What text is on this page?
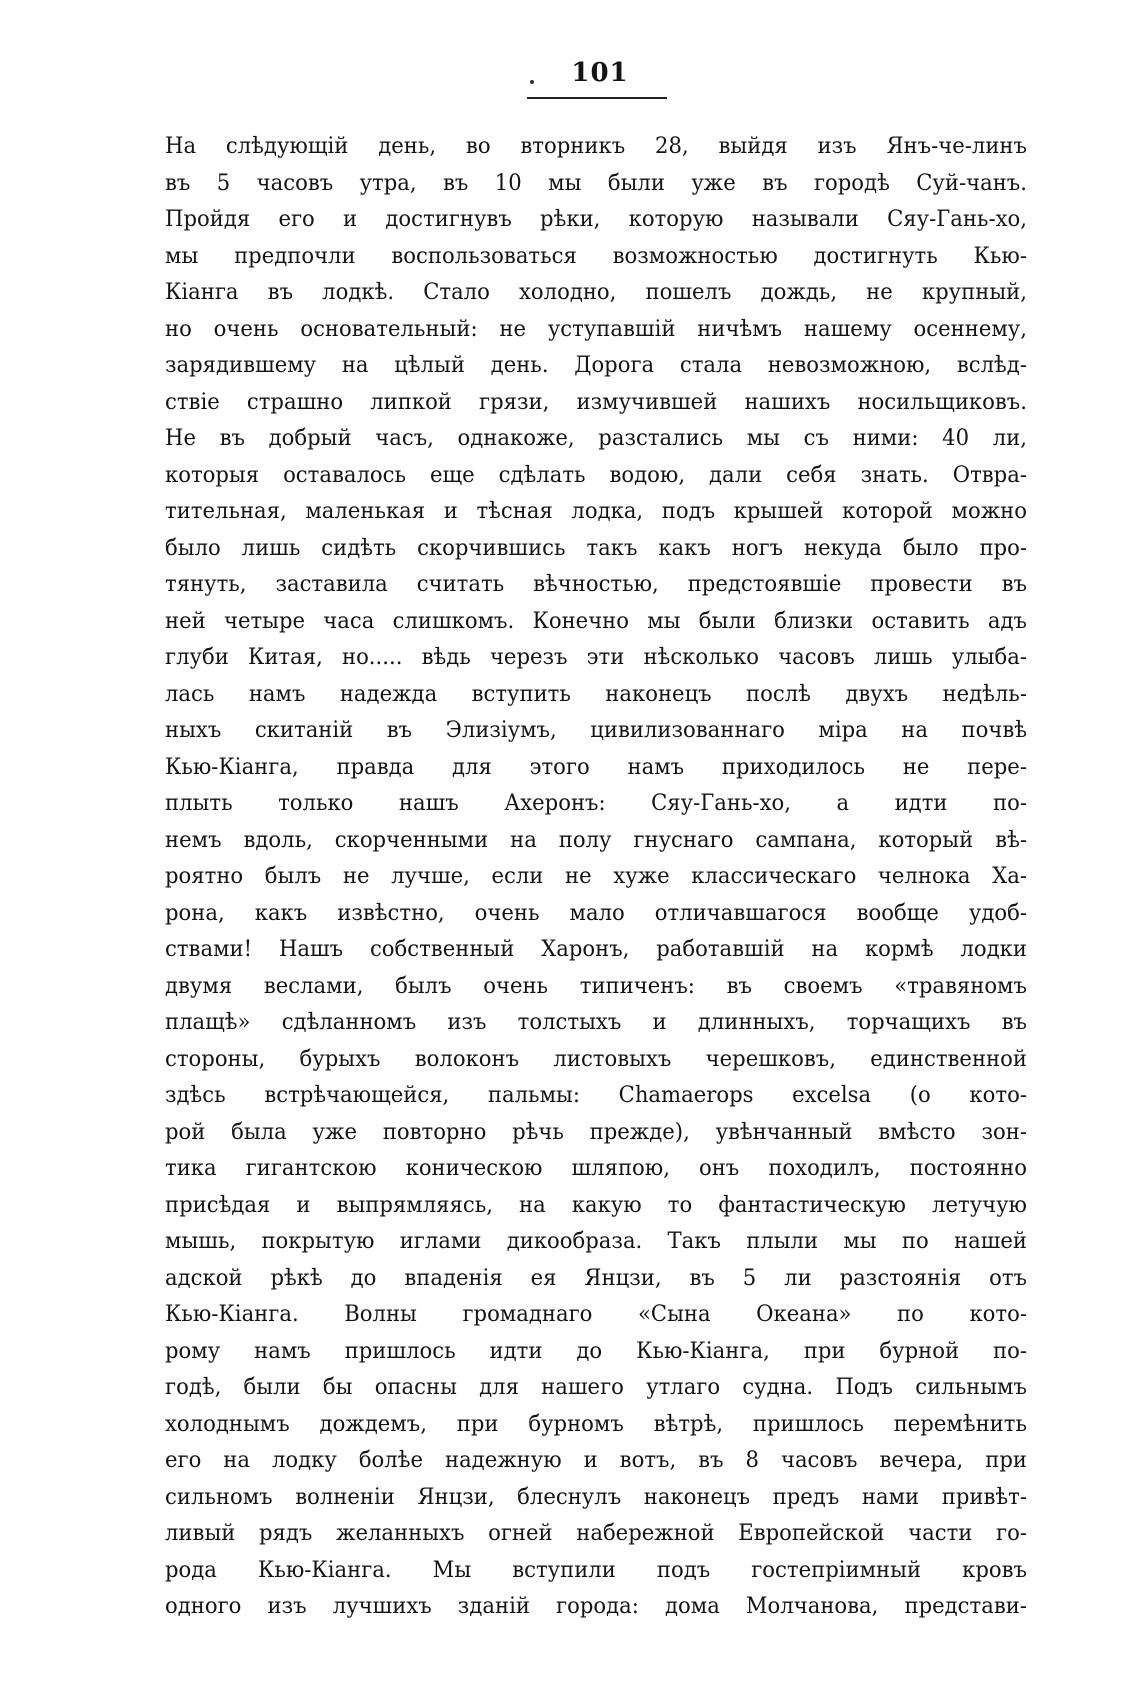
101
На слѣдующій день, во вторникъ 28, выйдя изъ Янъ-че-линъ
въ 5 часовъ утра, въ 10 мы были уже въ городѣ Суй-чанъ.
Пройдя его и достигнувъ рѣки, которую называли Сяу-Гань-хо,
мы предпочли воспользоваться возможностью достигнуть Кью-
Кіанга въ лодкѣ. Стало холодно, пошелъ дождь, не крупный,
но очень основательный: не уступавшій ничѣмъ нашему осеннему,
зарядившему на цѣлый день. Дорога стала невозможною, вслѣд-
ствіе страшно липкой грязи, измучившей нашихъ носильщиковъ.
Не въ добрый часъ, однакоже, разстались мы съ ними: 40 ли,
которыя оставалось еще сдѣлать водою, дали себя знать. Отвра-
тительная, маленькая и тѣсная лодка, подъ крышей которой можно
было лишь сидѣть скорчившись такъ какъ ногъ некуда было про-
тянуть, заставила считать вѣчностью, предстоявшіе провести въ
ней четыре часа слишкомъ. Конечно мы были близки оставить адъ
глуби Китая, но..... вѣдь черезъ эти нѣсколько часовъ лишь улыба-
лась намъ надежда вступить наконецъ послѣ двухъ недѣль-
ныхъ скитаній въ Элизіумъ, цивилизованнаго міра на почвѣ
Кью-Кіанга, правда для этого намъ приходилось не пере-
плыть только нашъ Ахеронъ: Сяу-Гань-хо, а идти по-
немъ вдоль, скорченными на полу гнуснаго сампана, который вѣ-
роятно былъ не лучше, если не хуже классическаго челнока Ха-
рона, какъ извѣстно, очень мало отличавшагося вообще удоб-
ствами! Нашъ собственный Харонъ, работавшій на кормѣ лодки
двумя веслами, былъ очень типиченъ: въ своемъ «травяномъ
плащѣ» сдѣланномъ изъ толстыхъ и длинныхъ, торчащихъ въ
стороны, бурыхъ волоконъ листовыхъ черешковъ, единственной
здѣсь встрѣчающейся, пальмы: Chamaerops excelsa (о кото-
рой была уже повторно рѣчь прежде), увѣнчанный вмѣсто зон-
тика гигантскою коническою шляпою, онъ походилъ, постоянно
присѣдая и выпрямляясь, на какую то фантастическую летучую
мышь, покрытую иглами дикообраза. Такъ плыли мы по нашей
адской рѣкѣ до впаденія ея Янцзи, въ 5 ли разстоянія отъ
Кью-Кіанга. Волны громаднаго «Сына Океана» по кото-
рому намъ пришлось идти до Кью-Кіанга, при бурной по-
годѣ, были бы опасны для нашего утлаго судна. Подъ сильнымъ
холоднымъ дождемъ, при бурномъ вѣтрѣ, пришлось перемѣнить
его на лодку болѣе надежную и вотъ, въ 8 часовъ вечера, при
сильномъ волненіи Янцзи, блеснулъ наконецъ предъ нами привѣт-
ливый рядъ желанныхъ огней набережной Европейской части го-
рода Кью-Кіанга. Мы вступили подъ гостепріимный кровъ
одного изъ лучшихъ зданій города: дома Молчанова, представи-
